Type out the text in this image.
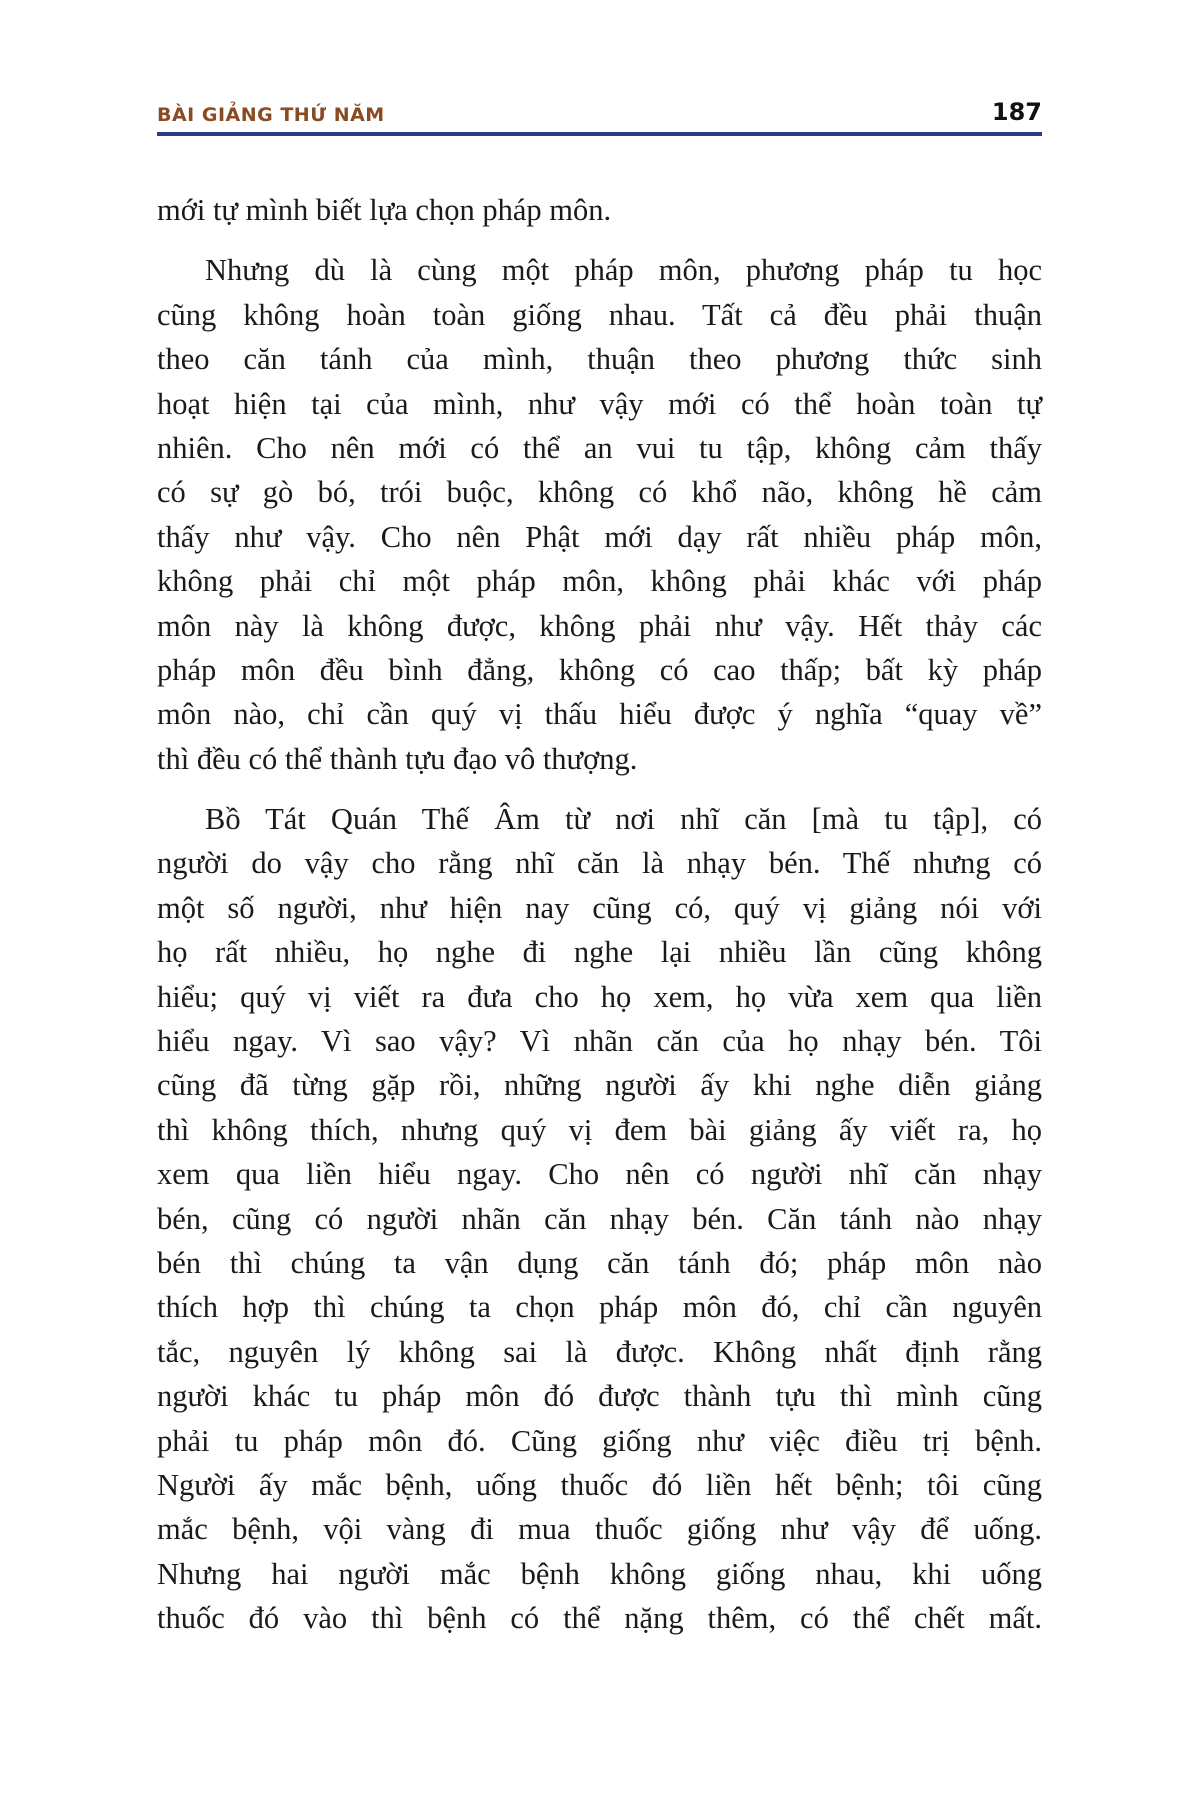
BÀI GIẢNG THỨ NĂM	187
mới tự mình biết lựa chọn pháp môn.
Nhưng dù là cùng một pháp môn, phương pháp tu học
cũng không hoàn toàn giống nhau. Tất cả đều phải thuận
theo căn tánh của mình, thuận theo phương thức sinh
hoạt hiện tại của mình, như vậy mới có thể hoàn toàn tự
nhiên. Cho nên mới có thể an vui tu tập, không cảm thấy
có sự gò bó, trói buộc, không có khổ não, không hề cảm
thấy như vậy. Cho nên Phật mới dạy rất nhiều pháp môn,
không phải chỉ một pháp môn, không phải khác với pháp
môn này là không được, không phải như vậy. Hết thảy các
pháp môn đều bình đẳng, không có cao thấp; bất kỳ pháp
môn nào, chỉ cần quý vị thấu hiểu được ý nghĩa “quay về”
thì đều có thể thành tựu đạo vô thượng.
Bồ Tát Quán Thế Âm từ nơi nhĩ căn [mà tu tập], có
người do vậy cho rằng nhĩ căn là nhạy bén. Thế nhưng có
một số người, như hiện nay cũng có, quý vị giảng nói với
họ rất nhiều, họ nghe đi nghe lại nhiều lần cũng không
hiểu; quý vị viết ra đưa cho họ xem, họ vừa xem qua liền
hiểu ngay. Vì sao vậy? Vì nhãn căn của họ nhạy bén. Tôi
cũng đã từng gặp rồi, những người ấy khi nghe diễn giảng
thì không thích, nhưng quý vị đem bài giảng ấy viết ra, họ
xem qua liền hiểu ngay. Cho nên có người nhĩ căn nhạy
bén, cũng có người nhãn căn nhạy bén. Căn tánh nào nhạy
bén thì chúng ta vận dụng căn tánh đó; pháp môn nào
thích hợp thì chúng ta chọn pháp môn đó, chỉ cần nguyên
tắc, nguyên lý không sai là được. Không nhất định rằng
người khác tu pháp môn đó được thành tựu thì mình cũng
phải tu pháp môn đó. Cũng giống như việc điều trị bệnh.
Người ấy mắc bệnh, uống thuốc đó liền hết bệnh; tôi cũng
mắc bệnh, vội vàng đi mua thuốc giống như vậy để uống.
Nhưng hai người mắc bệnh không giống nhau, khi uống
thuốc đó vào thì bệnh có thể nặng thêm, có thể chết mất.
